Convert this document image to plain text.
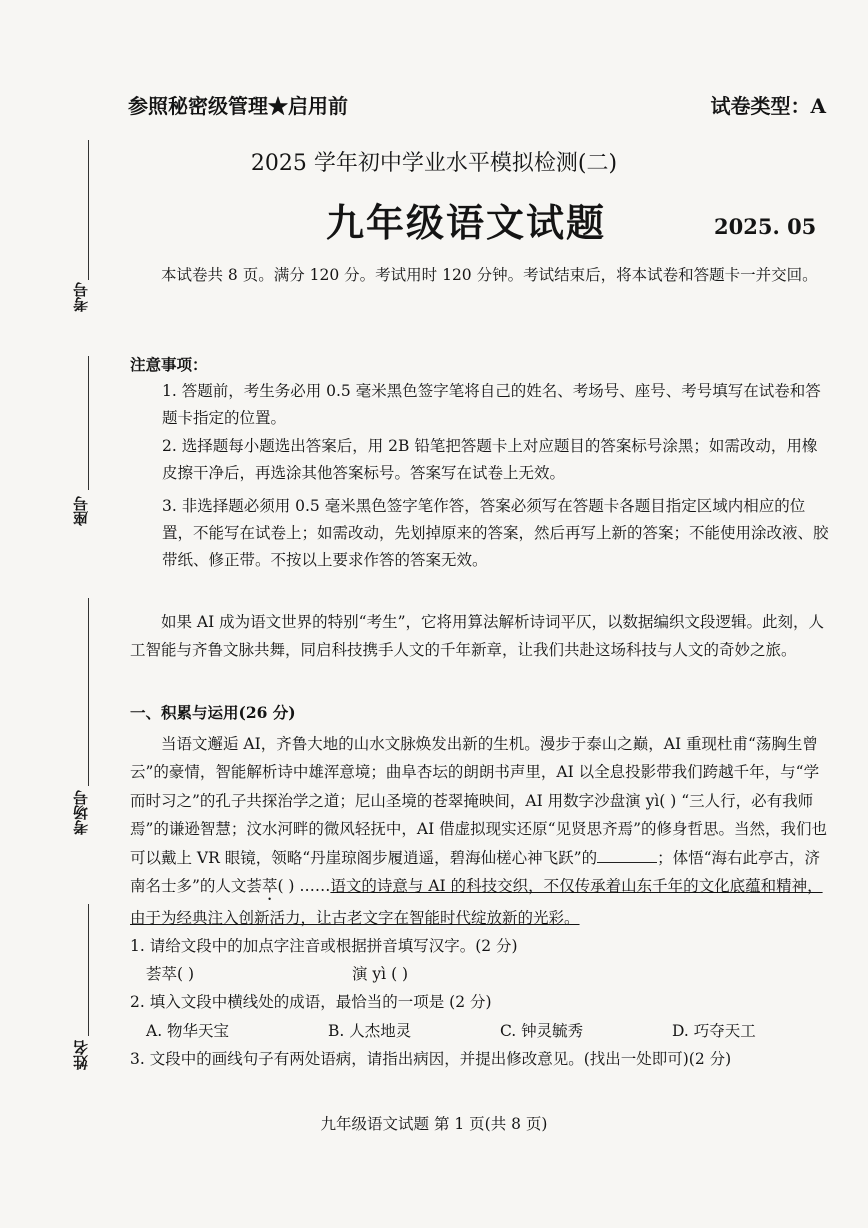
考号
座号
考场号
姓名
参照秘密级管理★启用前	试卷类型：A
2025 学年初中学业水平模拟检测(二)
九年级语文试题	2025. 05
本试卷共 8 页。满分 120 分。考试用时 120 分钟。考试结束后，将本试卷和答题卡一并交回。
注意事项：
1. 答题前，考生务必用 0.5 毫米黑色签字笔将自己的姓名、考场号、座号、考号填写在试卷和答题卡指定的位置。
2. 选择题每小题选出答案后，用 2B 铅笔把答题卡上对应题目的答案标号涂黑；如需改动，用橡皮擦干净后，再选涂其他答案标号。答案写在试卷上无效。
3. 非选择题必须用 0.5 毫米黑色签字笔作答，答案必须写在答题卡各题目指定区域内相应的位置，不能写在试卷上；如需改动，先划掉原来的答案，然后再写上新的答案；不能使用涂改液、胶带纸、修正带。不按以上要求作答的答案无效。
如果 AI 成为语文世界的特别“考生”，它将用算法解析诗词平仄，以数据编织文段逻辑。此刻，人工智能与齐鲁文脉共舞，同启科技携手人文的千年新章，让我们共赴这场科技与人文的奇妙之旅。
一、积累与运用(26 分)
当语文邂逅 AI，齐鲁大地的山水文脉焕发出新的生机。漫步于泰山之巅，AI 重现杜甫“荡胸生曾云”的豪情，智能解析诗中雄浑意境；曲阜杏坛的朗朗书声里，AI 以全息投影带我们跨越千年，与“学而时习之”的孔子共探治学之道；尼山圣境的苍翠掩映间，AI 用数字沙盘演 yì( ) “三人行，必有我师焉”的谦逊智慧；汶水河畔的微风轻抚中，AI 借虚拟现实还原“见贤思齐焉”的修身哲思。当然，我们也可以戴上 VR 眼镜，领略“丹崖琼阁步履逍遥，碧海仙槎心神飞跃”的	；体悟“海右此亭古，济南名士多”的人文荟萃( ) ……语文的诗意与 AI 的科技交织，不仅传承着山东千年的文化底蕴和精神，由于为经典注入创新活力，让古老文字在智能时代绽放新的光彩。
1. 请给文段中的加点字注音或根据拼音填写汉字。(2 分)
荟萃( )	演 yì ( )
2. 填入文段中横线处的成语，最恰当的一项是 (2 分)
A. 物华天宝	B. 人杰地灵	C. 钟灵毓秀	D. 巧夺天工
3. 文段中的画线句子有两处语病，请指出病因，并提出修改意见。(找出一处即可)(2 分)
九年级语文试题 第 1 页(共 8 页)
